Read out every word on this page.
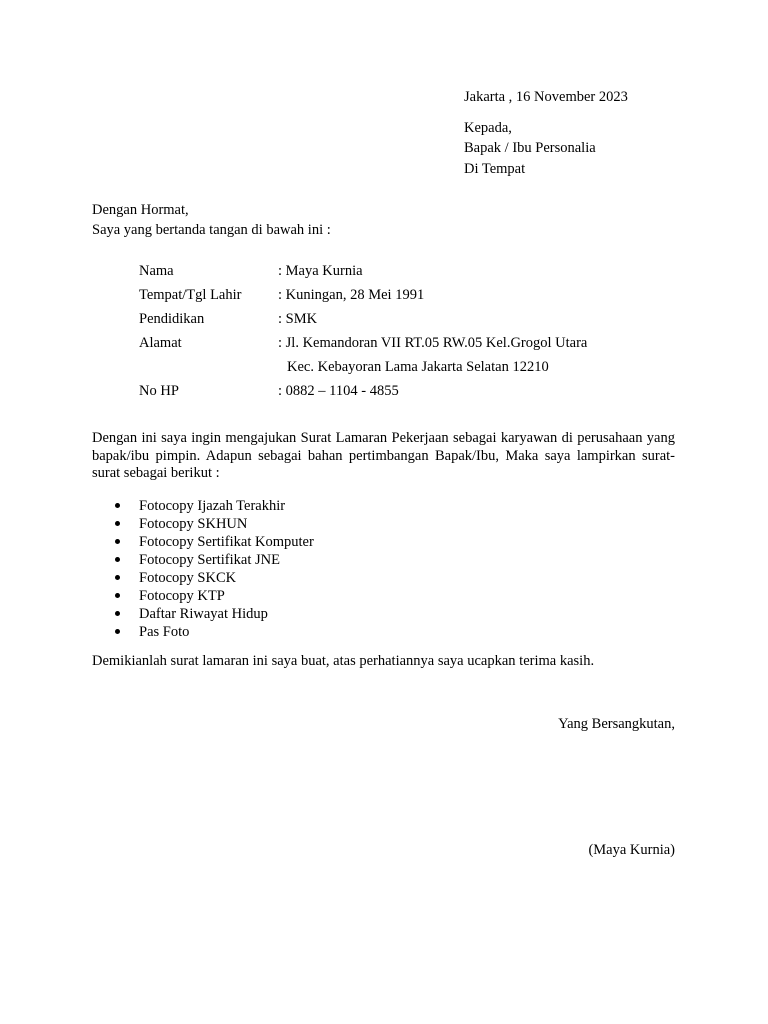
Jakarta , 16 November 2023
Kepada,
Bapak / Ibu Personalia
Di Tempat
Dengan Hormat,
Saya yang bertanda tangan di bawah ini :
Nama	: Maya Kurnia
Tempat/Tgl Lahir	: Kuningan, 28 Mei 1991
Pendidikan	: SMK
Alamat	: Jl. Kemandoran VII RT.05 RW.05 Kel.Grogol Utara
Kec. Kebayoran Lama Jakarta Selatan 12210
No HP	: 0882 – 1104 - 4855
Dengan ini saya ingin mengajukan Surat Lamaran Pekerjaan sebagai karyawan di perusahaan yang bapak/ibu pimpin. Adapun sebagai bahan pertimbangan Bapak/Ibu, Maka saya lampirkan surat-surat sebagai berikut :
Fotocopy Ijazah Terakhir
Fotocopy SKHUN
Fotocopy Sertifikat Komputer
Fotocopy Sertifikat JNE
Fotocopy SKCK
Fotocopy KTP
Daftar Riwayat Hidup
Pas Foto
Demikianlah surat lamaran ini saya buat, atas perhatiannya saya ucapkan terima kasih.
Yang Bersangkutan,
(Maya Kurnia)
